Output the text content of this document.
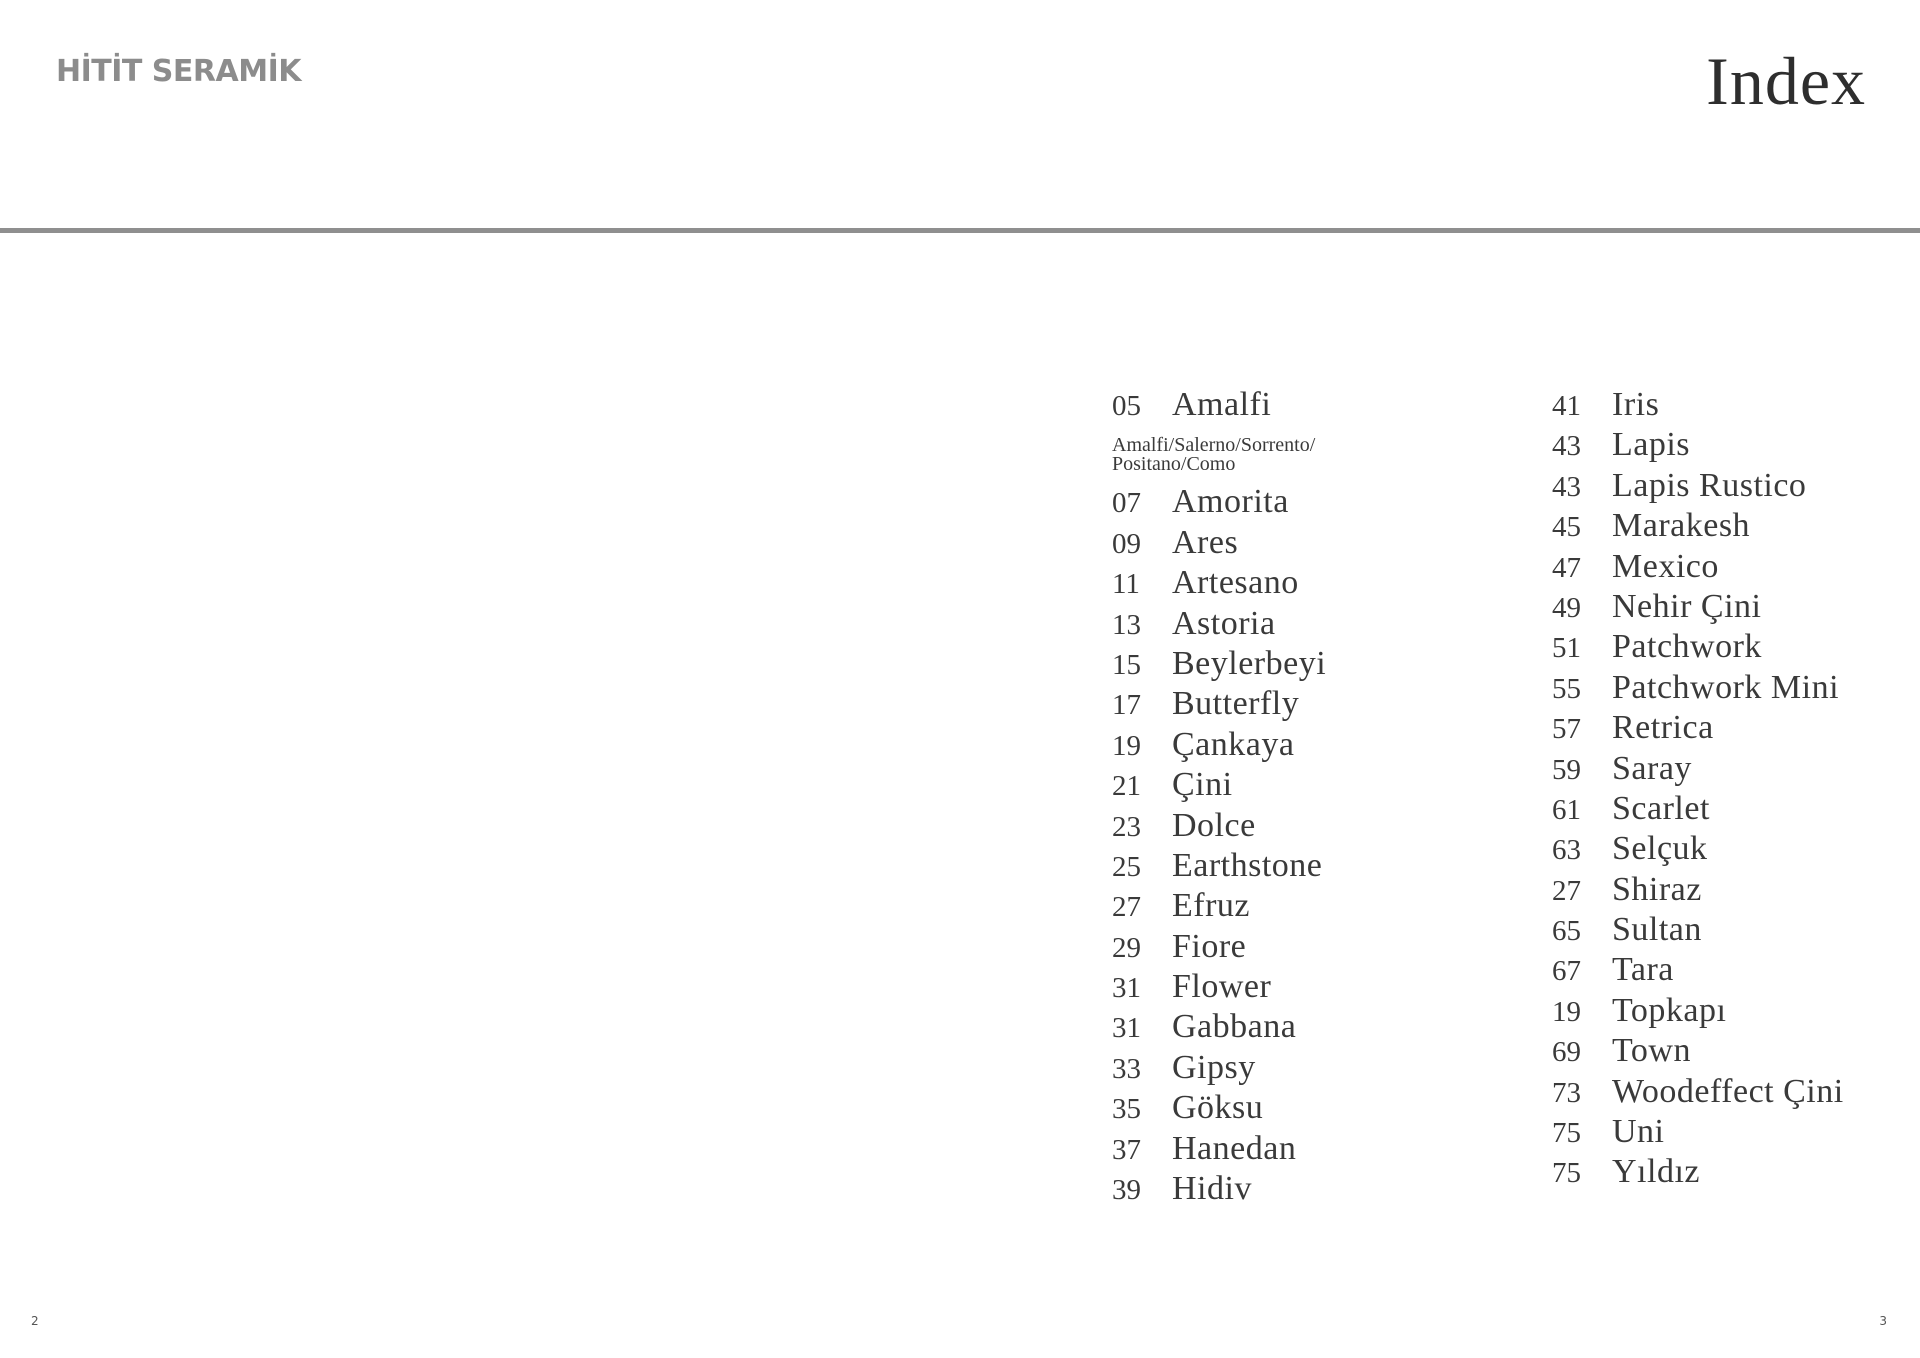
HİTİT SERAMİK	Index
05 Amalfi
Amalfi/Salerno/Sorrento/ Positano/Como
07 Amorita
09 Ares
11 Artesano
13 Astoria
15 Beylerbeyi
17 Butterfly
19 Çankaya
21 Çini
23 Dolce
25 Earthstone
27 Efruz
29 Fiore
31 Flower
31 Gabbana
33 Gipsy
35 Göksu
37 Hanedan
39 Hidiv
41 Iris
43 Lapis
43 Lapis Rustico
45 Marakesh
47 Mexico
49 Nehir Çini
51 Patchwork
55 Patchwork Mini
57 Retrica
59 Saray
61 Scarlet
63 Selçuk
27 Shiraz
65 Sultan
67 Tara
19 Topkapı
69 Town
73 Woodeffect Çini
75 Uni
75 Yıldız
2	3
